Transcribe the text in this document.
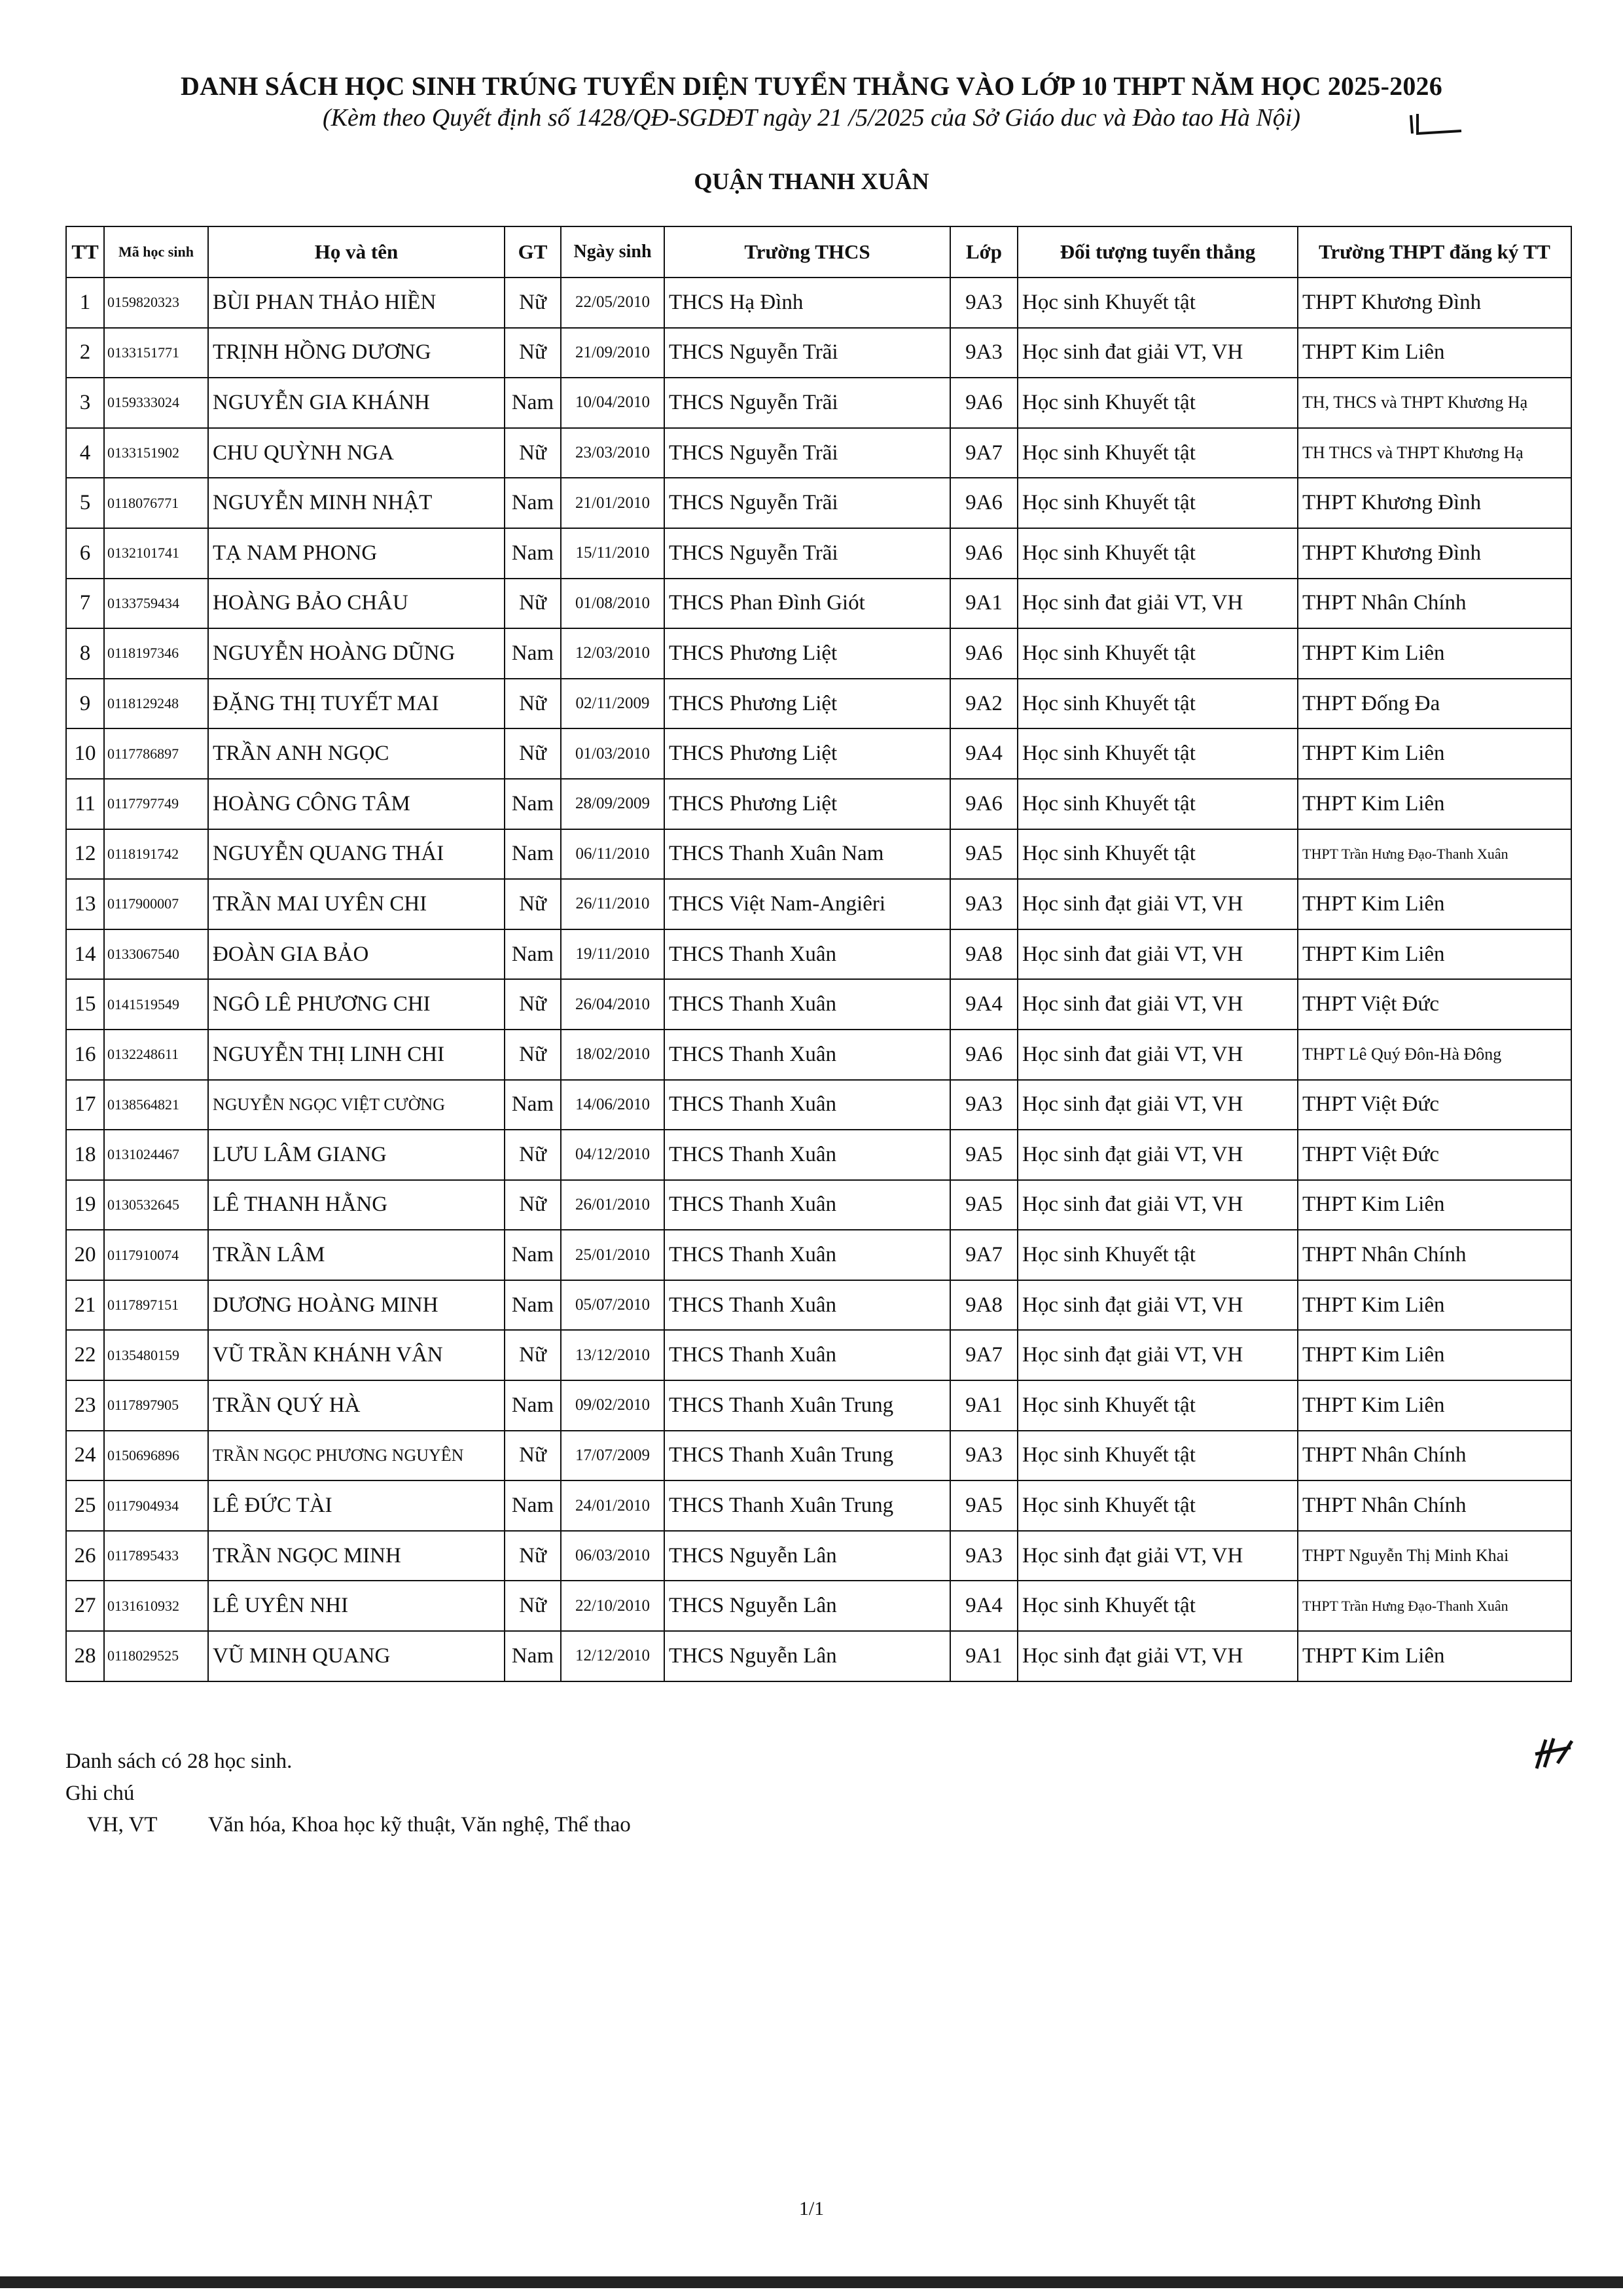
DANH SÁCH HỌC SINH TRÚNG TUYỂN DIỆN TUYỂN THẲNG VÀO LỚP 10 THPT NĂM HỌC 2025-2026
(Kèm theo Quyết định số 1428/QĐ-SGDĐT ngày 21 /5/2025 của Sở Giáo duc và Đào tao Hà Nội)
QUẬN THANH XUÂN
TT	Mã học sinh	Họ và tên	GT	Ngày sinh	Trường THCS	Lớp	Đối tượng tuyển thẳng	Trường THPT đăng ký TT
1	0159820323	BÙI PHAN THẢO HIỀN	Nữ	22/05/2010	THCS Hạ Đình	9A3	Học sinh Khuyết tật	THPT Khương Đình
2	0133151771	TRỊNH HỒNG DƯƠNG	Nữ	21/09/2010	THCS Nguyễn Trãi	9A3	Học sinh đat giải VT, VH	THPT Kim Liên
3	0159333024	NGUYỄN GIA KHÁNH	Nam	10/04/2010	THCS Nguyễn Trãi	9A6	Học sinh Khuyết tật	TH, THCS và THPT Khương Hạ
4	0133151902	CHU QUỲNH NGA	Nữ	23/03/2010	THCS Nguyễn Trãi	9A7	Học sinh Khuyết tật	TH THCS và THPT Khương Hạ
5	0118076771	NGUYỄN MINH NHẬT	Nam	21/01/2010	THCS Nguyễn Trãi	9A6	Học sinh Khuyết tật	THPT Khương Đình
6	0132101741	TẠ NAM PHONG	Nam	15/11/2010	THCS Nguyễn Trãi	9A6	Học sinh Khuyết tật	THPT Khương Đình
7	0133759434	HOÀNG BẢO CHÂU	Nữ	01/08/2010	THCS Phan Đình Giót	9A1	Học sinh đat giải VT, VH	THPT Nhân Chính
8	0118197346	NGUYỄN HOÀNG DŨNG	Nam	12/03/2010	THCS Phương Liệt	9A6	Học sinh Khuyết tật	THPT Kim Liên
9	0118129248	ĐẶNG THỊ TUYẾT MAI	Nữ	02/11/2009	THCS Phương Liệt	9A2	Học sinh Khuyết tật	THPT Đống Đa
10	0117786897	TRẦN ANH NGỌC	Nữ	01/03/2010	THCS Phương Liệt	9A4	Học sinh Khuyết tật	THPT Kim Liên
11	0117797749	HOÀNG CÔNG TÂM	Nam	28/09/2009	THCS Phương Liệt	9A6	Học sinh Khuyết tật	THPT Kim Liên
12	0118191742	NGUYỄN QUANG THÁI	Nam	06/11/2010	THCS Thanh Xuân Nam	9A5	Học sinh Khuyết tật	THPT Trần Hưng Đạo-Thanh Xuân
13	0117900007	TRẦN MAI UYÊN CHI	Nữ	26/11/2010	THCS Việt Nam-Angiêri	9A3	Học sinh đạt giải VT, VH	THPT Kim Liên
14	0133067540	ĐOÀN GIA BẢO	Nam	19/11/2010	THCS Thanh Xuân	9A8	Học sinh đat giải VT, VH	THPT Kim Liên
15	0141519549	NGÔ LÊ PHƯƠNG CHI	Nữ	26/04/2010	THCS Thanh Xuân	9A4	Học sinh đat giải VT, VH	THPT Việt Đức
16	0132248611	NGUYỄN THỊ LINH CHI	Nữ	18/02/2010	THCS Thanh Xuân	9A6	Học sinh đat giải VT, VH	THPT Lê Quý Đôn-Hà Đông
17	0138564821	NGUYỄN NGỌC VIỆT CƯỜNG	Nam	14/06/2010	THCS Thanh Xuân	9A3	Học sinh đạt giải VT, VH	THPT Việt Đức
18	0131024467	LƯU LÂM GIANG	Nữ	04/12/2010	THCS Thanh Xuân	9A5	Học sinh đạt giải VT, VH	THPT Việt Đức
19	0130532645	LÊ THANH HẰNG	Nữ	26/01/2010	THCS Thanh Xuân	9A5	Học sinh đat giải VT, VH	THPT Kim Liên
20	0117910074	TRẦN LÂM	Nam	25/01/2010	THCS Thanh Xuân	9A7	Học sinh Khuyết tật	THPT Nhân Chính
21	0117897151	DƯƠNG HOÀNG MINH	Nam	05/07/2010	THCS Thanh Xuân	9A8	Học sinh đạt giải VT, VH	THPT Kim Liên
22	0135480159	VŨ TRẦN KHÁNH VÂN	Nữ	13/12/2010	THCS Thanh Xuân	9A7	Học sinh đạt giải VT, VH	THPT Kim Liên
23	0117897905	TRẦN QUÝ HÀ	Nam	09/02/2010	THCS Thanh Xuân Trung	9A1	Học sinh Khuyết tật	THPT Kim Liên
24	0150696896	TRẦN NGỌC PHƯƠNG NGUYÊN	Nữ	17/07/2009	THCS Thanh Xuân Trung	9A3	Học sinh Khuyết tật	THPT Nhân Chính
25	0117904934	LÊ ĐỨC TÀI	Nam	24/01/2010	THCS Thanh Xuân Trung	9A5	Học sinh Khuyết tật	THPT Nhân Chính
26	0117895433	TRẦN NGỌC MINH	Nữ	06/03/2010	THCS Nguyễn Lân	9A3	Học sinh đạt giải VT, VH	THPT Nguyễn Thị Minh Khai
27	0131610932	LÊ UYÊN NHI	Nữ	22/10/2010	THCS Nguyễn Lân	9A4	Học sinh Khuyết tật	THPT Trần Hưng Đạo-Thanh Xuân
28	0118029525	VŨ MINH QUANG	Nam	12/12/2010	THCS Nguyễn Lân	9A1	Học sinh đạt giải VT, VH	THPT Kim Liên
Danh sách có 28 học sinh.
Ghi chú
VH, VT Văn hóa, Khoa học kỹ thuật, Văn nghệ, Thể thao
1/1
